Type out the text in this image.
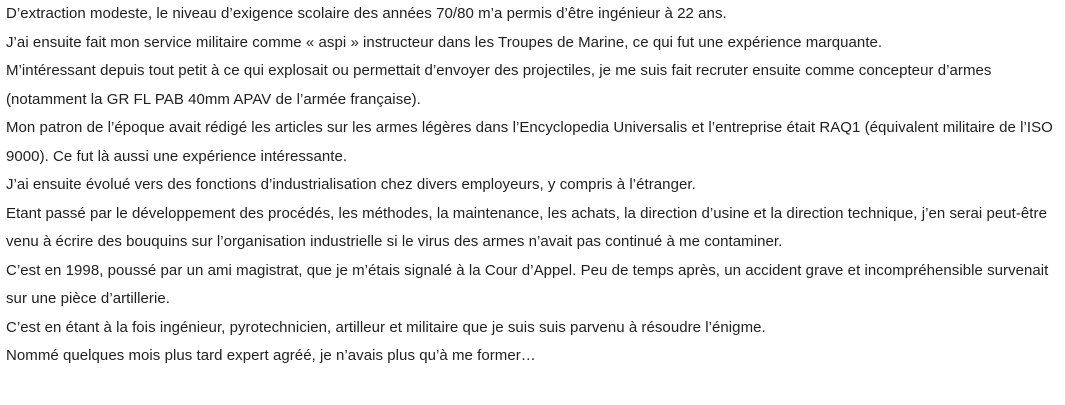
D’extraction modeste, le niveau d’exigence scolaire des années 70/80 m’a permis d’être ingénieur à 22 ans.

J’ai ensuite fait mon service militaire comme « aspi » instructeur dans les Troupes de Marine, ce qui fut une expérience marquante.

M’intéressant depuis tout petit à ce qui explosait ou permettait d’envoyer des projectiles, je me suis fait recruter ensuite comme concepteur d’armes (notamment la GR FL PAB 40mm APAV de l’armée française).

Mon patron de l’époque avait rédigé les articles sur les armes légères dans l’Encyclopedia Universalis et l’entreprise était RAQ1 (équivalent militaire de l’ISO 9000). Ce fut là aussi une expérience intéressante.

J’ai ensuite évolué vers des fonctions d’industrialisation chez divers employeurs, y compris à l’étranger.

Etant passé par le développement des procédés, les méthodes, la maintenance, les achats, la direction d’usine et la direction technique, j’en serai peut-être venu à écrire des bouquins sur l’organisation industrielle si le virus des armes n’avait pas continué à me contaminer.

C’est en 1998, poussé par un ami magistrat, que je m’étais signalé à la Cour d’Appel. Peu de temps après, un accident grave et incompréhensible survenait sur une pièce d’artillerie.

C’est en étant à la fois ingénieur, pyrotechnicien, artilleur et militaire que je suis suis parvenu à résoudre l’énigme.

Nommé quelques mois plus tard expert agréé, je n’avais plus qu’à me former…
